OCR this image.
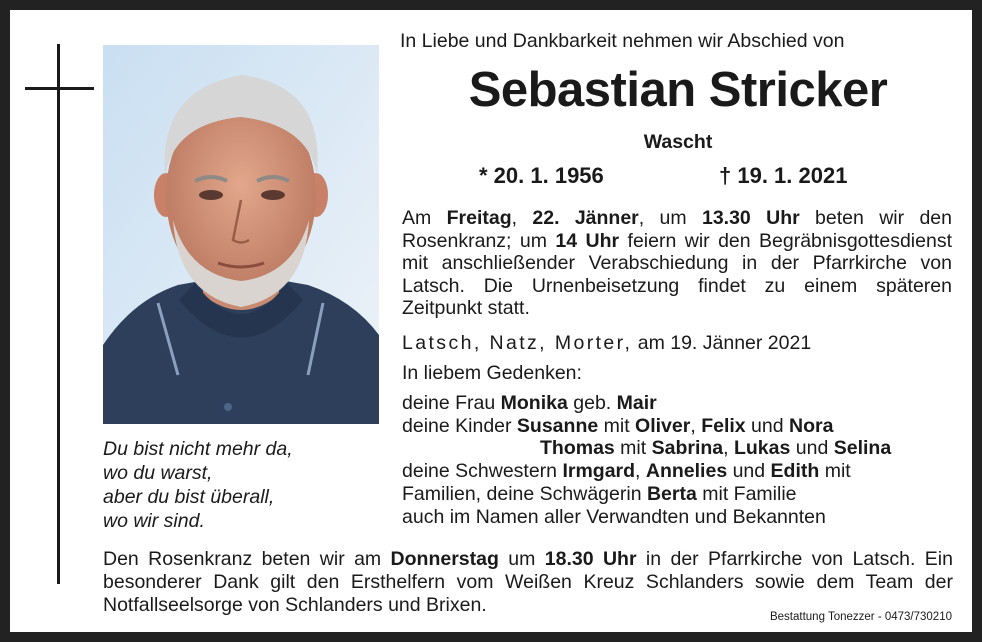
Du bist nicht mehr da,
wo du warst,
aber du bist überall,
wo wir sind.
In Liebe und Dankbarkeit nehmen wir Abschied von
Sebastian Stricker
Wascht
* 20. 1. 1956	† 19. 1. 2021
Am Freitag, 22. Jänner, um 13.30 Uhr beten wir den Rosenkranz; um 14 Uhr feiern wir den Begräbnisgottesdienst mit anschließender Verabschiedung in der Pfarrkirche von Latsch. Die Urnenbeisetzung findet zu einem späteren Zeitpunkt statt.
Latsch, Natz, Morter, am 19. Jänner 2021
In liebem Gedenken:
deine Frau Monika geb. Mair
deine Kinder Susanne mit Oliver, Felix und Nora
Thomas mit Sabrina, Lukas und Selina
deine Schwestern Irmgard, Annelies und Edith mit
Familien, deine Schwägerin Berta mit Familie
auch im Namen aller Verwandten und Bekannten
Den Rosenkranz beten wir am Donnerstag um 18.30 Uhr in der Pfarrkirche von Latsch. Ein besonderer Dank gilt den Ersthelfern vom Weißen Kreuz Schlanders sowie dem Team der Notfallseelsorge von Schlanders und Brixen.
Bestattung Tonezzer - 0473/730210
